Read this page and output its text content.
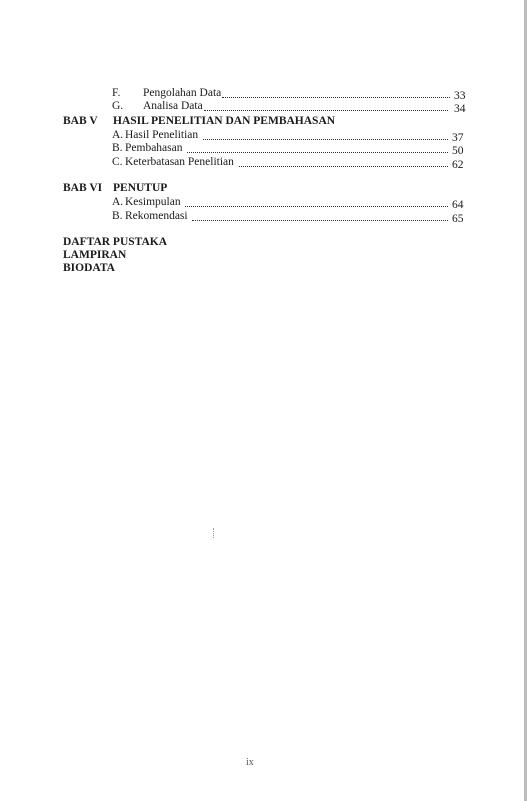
F. Pengolahan Data	33
G. Analisa Data	34
BAB V HASIL PENELITIAN DAN PEMBAHASAN
A. Hasil Penelitian	37
B. Pembahasan	50
C. Keterbatasan Penelitian	62
BAB VI PENUTUP
A. Kesimpulan	64
B. Rekomendasi	65
DAFTAR PUSTAKA
LAMPIRAN
BIODATA
ix
